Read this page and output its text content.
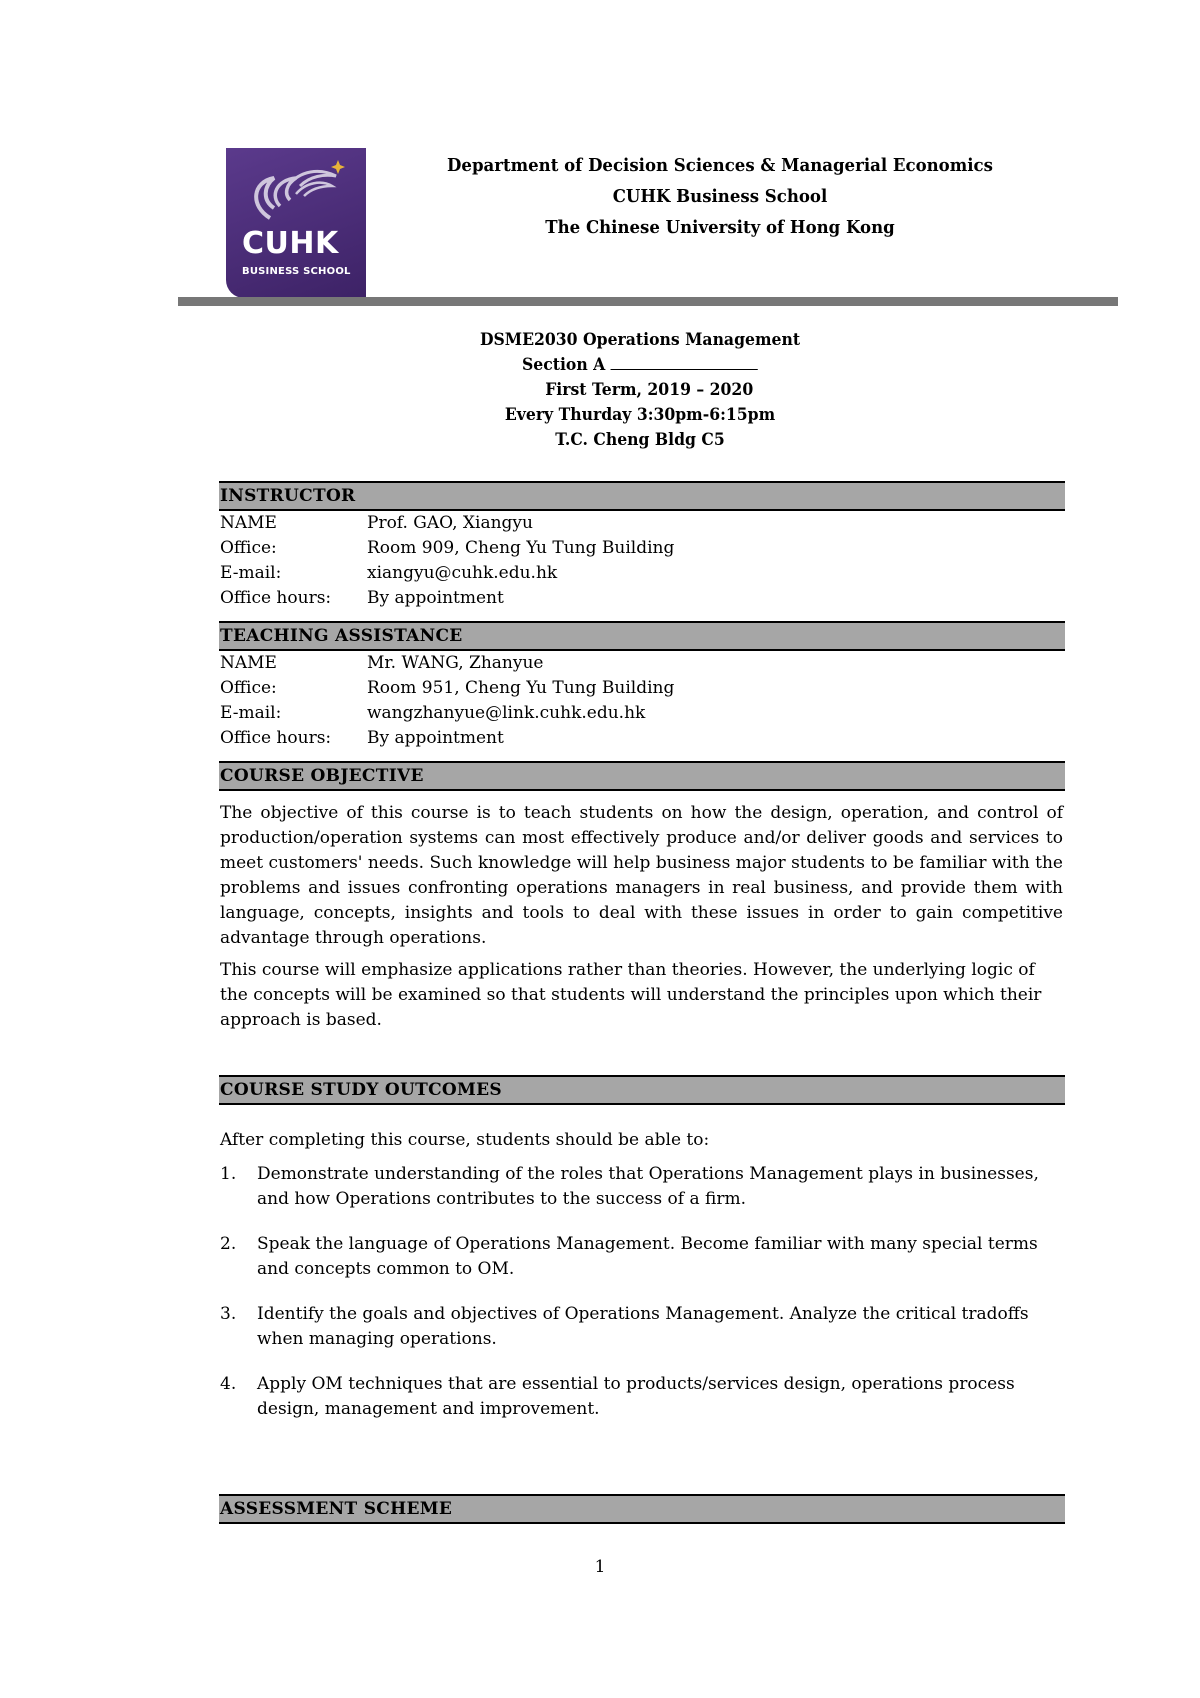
CUHK
BUSINESS SCHOOL
Department of Decision Sciences & Managerial Economics
CUHK Business School
The Chinese University of Hong Kong
DSME2030 Operations Management
Section A
First Term, 2019 – 2020
Every Thurday 3:30pm-6:15pm
T.C. Cheng Bldg C5
INSTRUCTOR
NAME	Prof. GAO, Xiangyu
Office:	Room 909, Cheng Yu Tung Building
E-mail:	xiangyu@cuhk.edu.hk
Office hours:	By appointment
TEACHING ASSISTANCE
NAME	Mr. WANG, Zhanyue
Office:	Room 951, Cheng Yu Tung Building
E-mail:	wangzhanyue@link.cuhk.edu.hk
Office hours:	By appointment
COURSE OBJECTIVE

The objective of this course is to teach students on how the design, operation, and control of production/operation systems can most effectively produce and/or deliver goods and services to meet customers' needs. Such knowledge will help business major students to be familiar with the problems and issues confronting operations managers in real business, and provide them with language, concepts, insights and tools to deal with these issues in order to gain competitive advantage through operations.

This course will emphasize applications rather than theories. However, the underlying logic of the concepts will be examined so that students will understand the principles upon which their approach is based.

COURSE STUDY OUTCOMES
After completing this course, students should be able to:
1.	Demonstrate understanding of the roles that Operations Management plays in businesses, and how Operations contributes to the success of a firm.
2.	Speak the language of Operations Management. Become familiar with many special terms and concepts common to OM.
3.	Identify the goals and objectives of Operations Management. Analyze the critical tradoffs when managing operations.
4.	Apply OM techniques that are essential to products/services design, operations process design, management and improvement.
ASSESSMENT SCHEME
1
